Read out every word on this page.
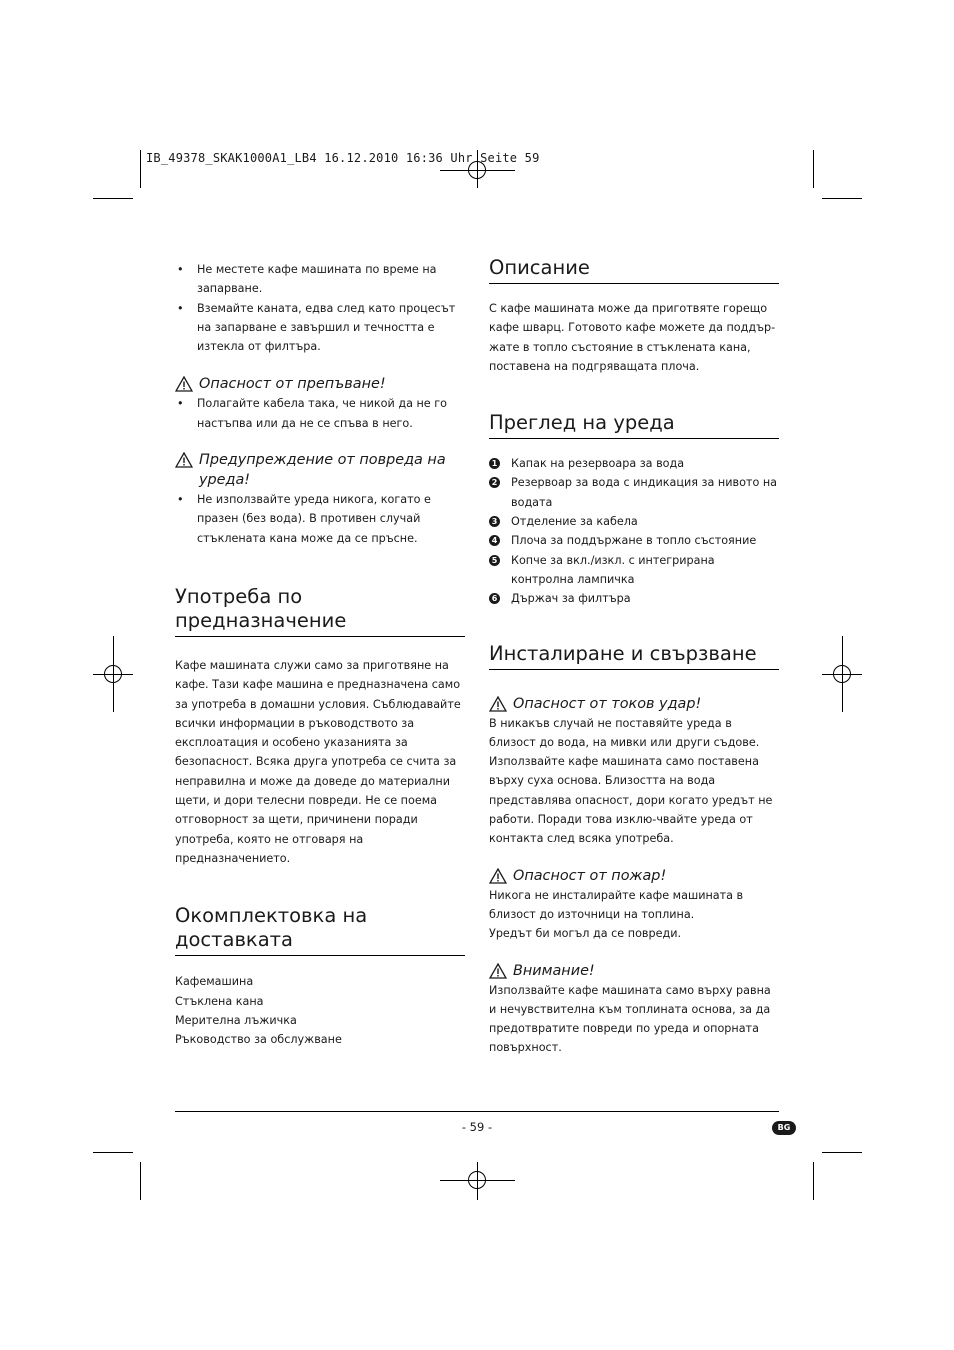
IB_49378_SKAK1000A1_LB4 16.12.2010 16:36 Uhr Seite 59
• Не местете кафе машината по време на запарване.
• Вземайте каната, едва след като процесът на запарване е завършил и течността е изтекла от филтъра.
Опасност от препъване!
• Полагайте кабела така, че никой да не го настъпва или да не се спъва в него.
Предупреждение от повреда на уреда!
• Не използвайте уреда никога, когато е празен (без вода). В противен случай стъклената кана може да се пръсне.
Употреба по предназначение

Кафе машината служи само за приготвяне на кафе. Тази кафе машина е предназначена само за употреба в домашни условия. Съблюдавайте всички информации в ръководството за експлоатация и особено указанията за безопасност. Всяка друга употреба се счита за неправилна и може да доведе до материални щети, и дори телесни повреди. Не се поема отговорност за щети, причинени поради употреба, която не отговаря на предназначението.

Окомплектовка на доставката

Кафемашина

Стъклена кана

Мерителна лъжичка

Ръководство за обслужване

Описание

С кафе машината може да приготвяте горещо кафе шварц. Готовото кафе можете да поддър-жате в топло състояние в стъклената кана, поставена на подгряващата плоча.

Преглед на уреда
1 Капак на резервоара за вода
2 Резервоар за вода с индикация за нивото на водата
3 Отделение за кабела
4 Плоча за поддържане в топло състояние
5 Копче за вкл./изкл. с интегрирана контролна лампичка
6 Държач за филтъра
Инсталиране и свързване
Опасност от токов удар!

В никакъв случай не поставяйте уреда в близост до вода, на мивки или други съдове. Използвайте кафе машината само поставена върху суха основа. Близостта на вода представлява опасност, дори когато уредът не работи. Поради това изклю-чвайте уреда от контакта след всяка употреба.

Опасност от пожар!

Никога не инсталирайте кафе машината в близост до източници на топлина.

Уредът би могъл да се повреди.

Внимание!

Използвайте кафе машината само върху равна и нечувствителна към топлината основа, за да предотвратите повреди по уреда и опорната повърхност.

- 59 -	BG
